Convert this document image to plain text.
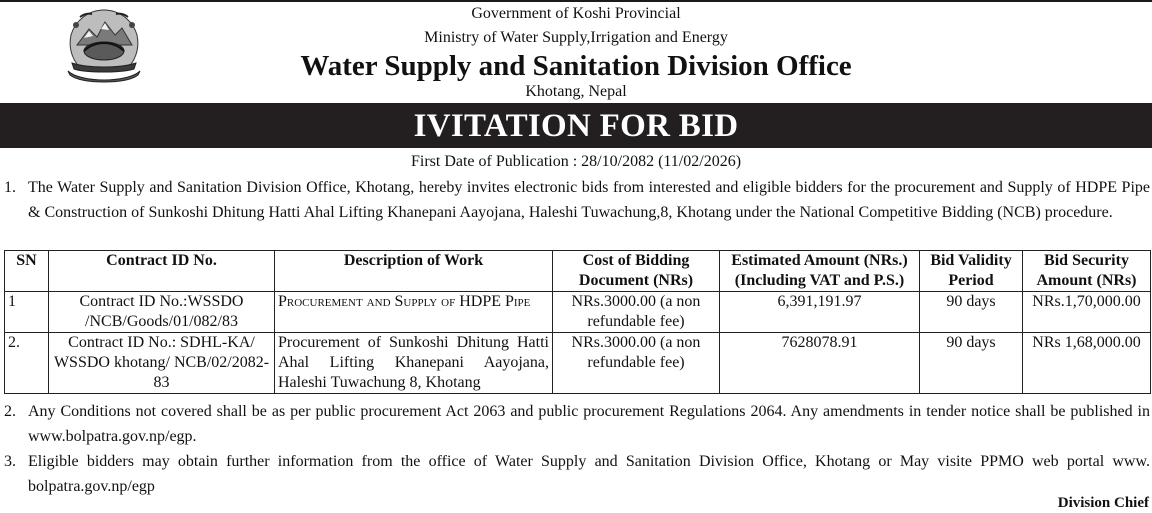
Government of Koshi Provincial
Ministry of Water Supply,Irrigation and Energy
Water Supply and Sanitation Division Office
Khotang, Nepal
IVITATION FOR BID
First Date of Publication : 28/10/2082 (11/02/2026)
1. The Water Supply and Sanitation Division Office, Khotang, hereby invites electronic bids from interested and eligible bidders for the procurement and Supply of HDPE Pipe & Construction of Sunkoshi Dhitung Hatti Ahal Lifting Khanepani Aayojana, Haleshi Tuwachung,8, Khotang under the National Competitive Bidding (NCB) procedure.
SN	Contract ID No.	Description of Work	Cost of Bidding Document (NRs)	Estimated Amount (NRs.) (Including VAT and P.S.)	Bid Validity Period	Bid Security Amount (NRs)
1	Contract ID No.:WSSDO /NCB/Goods/01/082/83	Procurement and Supply of HDPE Pipe	NRs.3000.00 (a non refundable fee)	6,391,191.97	90 days	NRs.1,70,000.00
2.	Contract ID No.: SDHL-KA/ WSSDO khotang/ NCB/02/2082-83	Procurement of Sunkoshi Dhitung Hatti Ahal Lifting Khanepani Aayojana, Haleshi Tuwachung 8, Khotang	NRs.3000.00 (a non refundable fee)	7628078.91	90 days	NRs 1,68,000.00
2. Any Conditions not covered shall be as per public procurement Act 2063 and public procurement Regulations 2064. Any amendments in tender notice shall be published in www.bolpatra.gov.np/egp.
3. Eligible bidders may obtain further information from the office of Water Supply and Sanitation Division Office, Khotang or May visite PPMO web portal www. bolpatra.gov.np/egp
Division Chief
